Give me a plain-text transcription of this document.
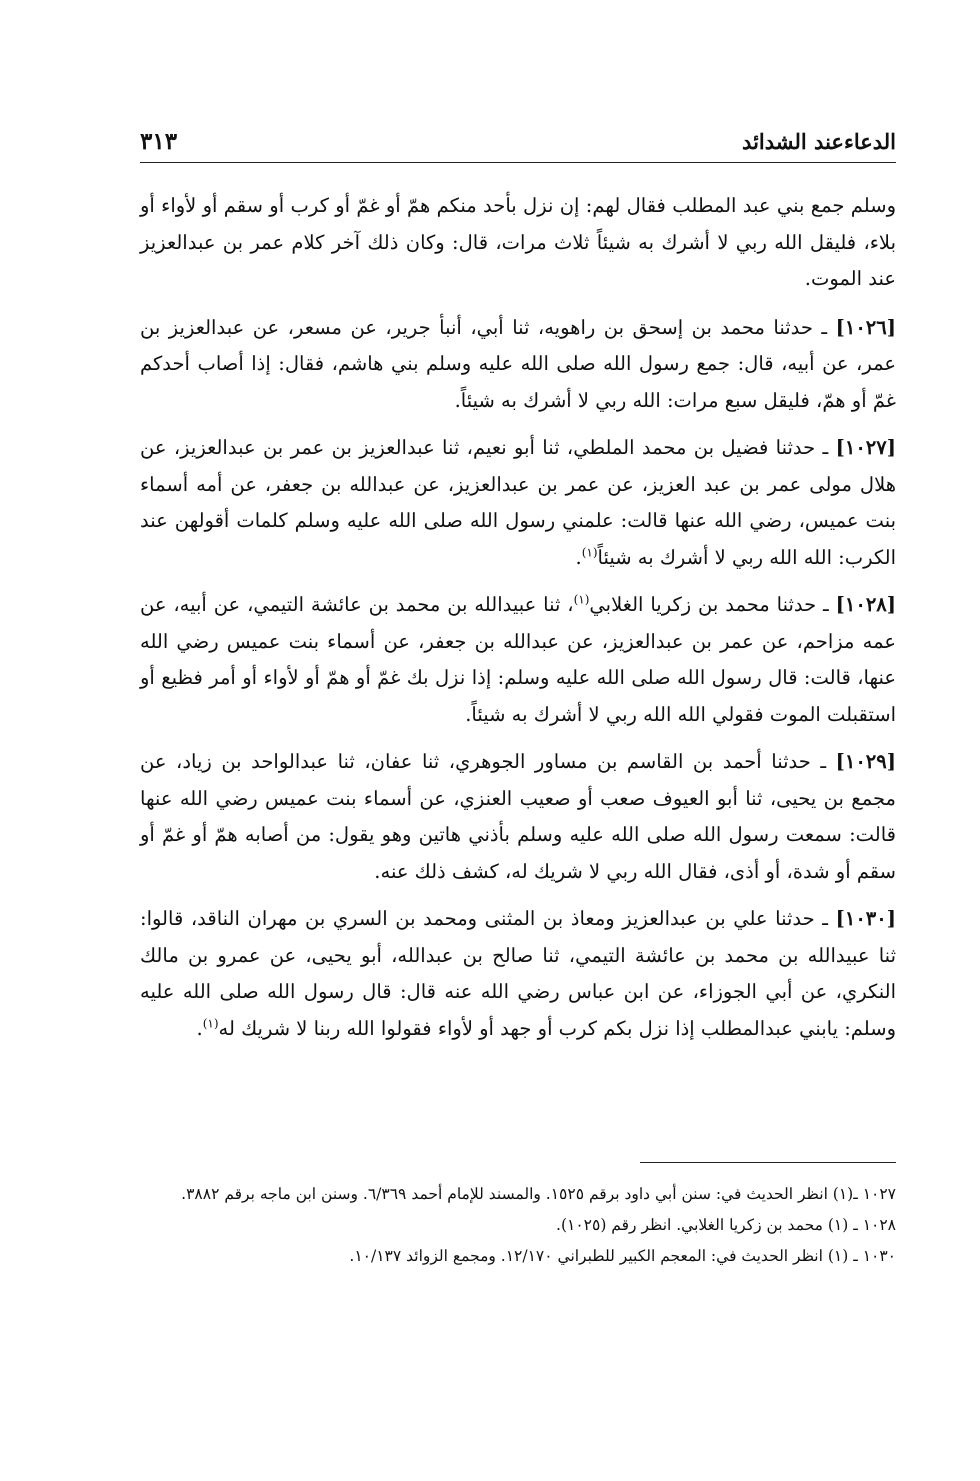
الدعاءعند الشدائد
٣١٣

وسلم جمع بني عبد المطلب فقال لهم: إن نزل بأحد منكم همّ أو غمّ أو كرب أو سقم أو لأواء أو بلاء، فليقل الله ربي لا أشرك به شيئاً ثلاث مرات، قال: وكان ذلك آخر كلام عمر بن عبدالعزيز عند الموت.

[١٠٢٦] ـ حدثنا محمد بن إسحق بن راهويه، ثنا أبي، أنبأ جرير، عن مسعر، عن عبدالعزيز بن عمر، عن أبيه، قال: جمع رسول الله صلى الله عليه وسلم بني هاشم، فقال: إذا أصاب أحدكم غمّ أو همّ، فليقل سبع مرات: الله ربي لا أشرك به شيئاً.

[١٠٢٧] ـ حدثنا فضيل بن محمد الملطي، ثنا أبو نعيم، ثنا عبدالعزيز بن عمر بن عبدالعزيز، عن هلال مولى عمر بن عبد العزيز، عن عمر بن عبدالعزيز، عن عبدالله بن جعفر، عن أمه أسماء بنت عميس، رضي الله عنها قالت: علمني رسول الله صلى الله عليه وسلم كلمات أقولهن عند الكرب: الله الله ربي لا أشرك به شيئاً$^{(١)}$.

[١٠٢٨] ـ حدثنا محمد بن زكريا الغلابي$^{(١)}$، ثنا عبيدالله بن محمد بن عائشة التيمي، عن أبيه، عن عمه مزاحم، عن عمر بن عبدالعزيز، عن عبدالله بن جعفر، عن أسماء بنت عميس رضي الله عنها، قالت: قال رسول الله صلى الله عليه وسلم: إذا نزل بك غمّ أو همّ أو لأواء أو أمر فظيع أو استقبلت الموت فقولي الله الله ربي لا أشرك به شيئاً.

[١٠٢٩] ـ حدثنا أحمد بن القاسم بن مساور الجوهري، ثنا عفان، ثنا عبدالواحد بن زياد، عن مجمع بن يحيى، ثنا أبو العيوف صعب أو صعيب العنزي، عن أسماء بنت عميس رضي الله عنها قالت: سمعت رسول الله صلى الله عليه وسلم بأذني هاتين وهو يقول: من أصابه همّ أو غمّ أو سقم أو شدة، أو أذى، فقال الله ربي لا شريك له، كشف ذلك عنه.

[١٠٣٠] ـ حدثنا علي بن عبدالعزيز ومعاذ بن المثنى ومحمد بن السري بن مهران الناقد، قالوا: ثنا عبيدالله بن محمد بن عائشة التيمي، ثنا صالح بن عبدالله، أبو يحيى، عن عمرو بن مالك النكري، عن أبي الجوزاء، عن ابن عباس رضي الله عنه قال: قال رسول الله صلى الله عليه وسلم: يابني عبدالمطلب إذا نزل بكم كرب أو جهد أو لأواء فقولوا الله ربنا لا شريك له$^{(١)}$.

١٠٢٧ ـ(١) انظر الحديث في: سنن أبي داود برقم ١٥٢٥. والمسند للإمام أحمد ٦/٣٦٩. وسنن ابن ماجه برقم ٣٨٨٢.

١٠٢٨ ـ (١) محمد بن زكريا الغلابي. انظر رقم (١٠٢٥).

١٠٣٠ ـ (١) انظر الحديث في: المعجم الكبير للطبراني ١٢/١٧٠. ومجمع الزوائد ١٠/١٣٧.
